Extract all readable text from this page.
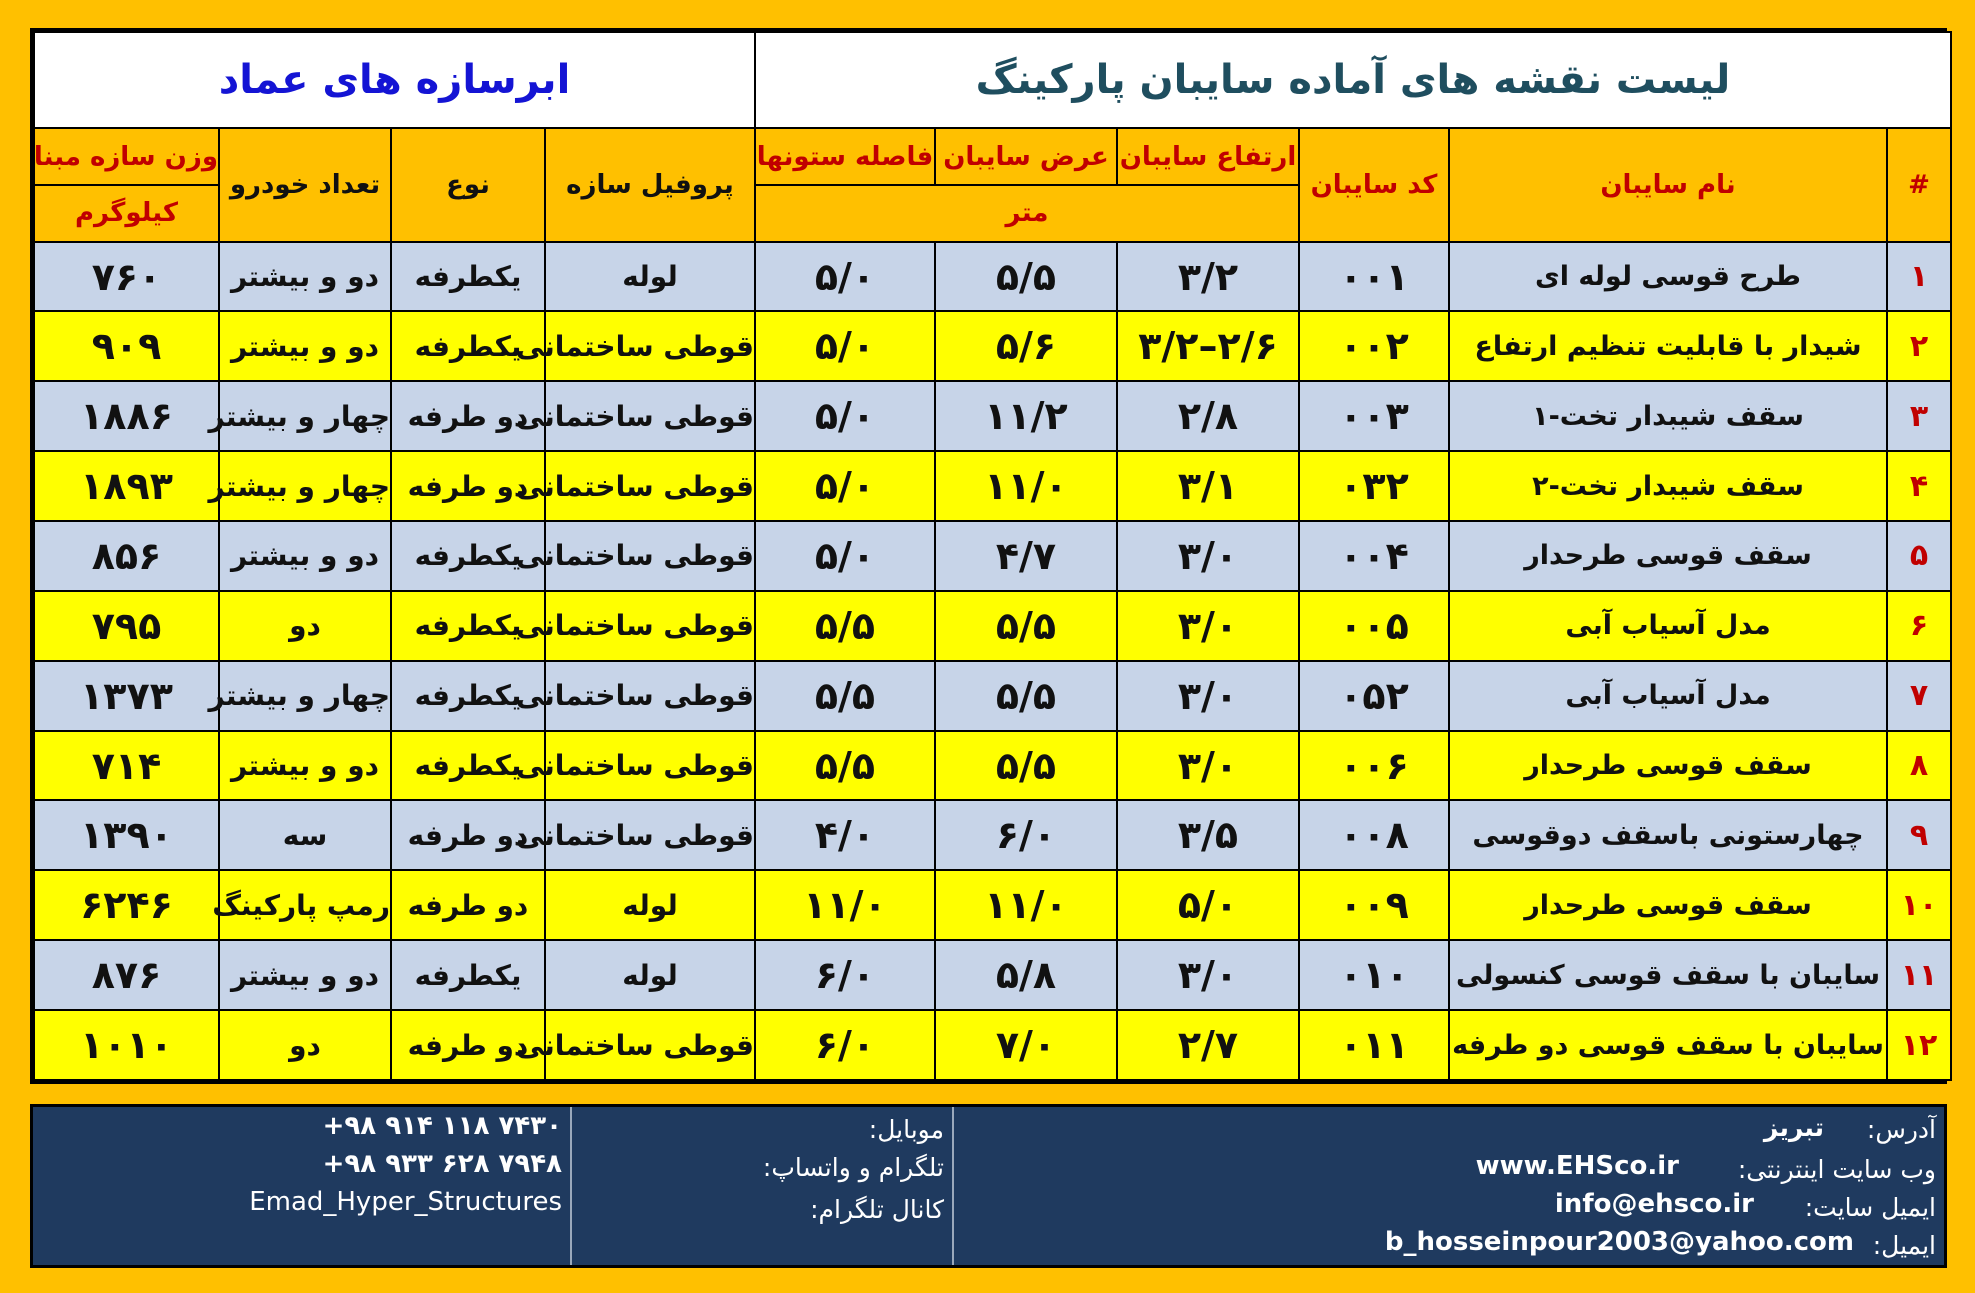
لیست نقشه های آماده سایبان پارکینگ						ابرسازه های عماد			
#	نام سایبان	کد سایبان	ارتفاع سایبان	عرض سایبان	فاصله ستونها	پروفیل سازه	نوع	تعداد خودرو	وزن سازه مبنا
			متر						کیلوگرم
۱	طرح قوسی لوله ای	۰۰۱	۳/۲	۵/۵	۵/۰	لوله	یکطرفه	دو و بیشتر	۷۶۰
۲	شیدار با قابلیت تنظیم ارتفاع	۰۰۲	۲/۶–۳/۲	۵/۶	۵/۰	قوطی ساختمانی	یکطرفه	دو و بیشتر	۹۰۹
۳	سقف شیبدار تخت-۱	۰۰۳	۲/۸	۱۱/۲	۵/۰	قوطی ساختمانی	دو طرفه	چهار و بیشتر	۱۸۸۶
۴	سقف شیبدار تخت-۲	۰۳۲	۳/۱	۱۱/۰	۵/۰	قوطی ساختمانی	دو طرفه	چهار و بیشتر	۱۸۹۳
۵	سقف قوسی طرحدار	۰۰۴	۳/۰	۴/۷	۵/۰	قوطی ساختمانی	یکطرفه	دو و بیشتر	۸۵۶
۶	مدل آسیاب آبی	۰۰۵	۳/۰	۵/۵	۵/۵	قوطی ساختمانی	یکطرفه	دو	۷۹۵
۷	مدل آسیاب آبی	۰۵۲	۳/۰	۵/۵	۵/۵	قوطی ساختمانی	یکطرفه	چهار و بیشتر	۱۳۷۳
۸	سقف قوسی طرحدار	۰۰۶	۳/۰	۵/۵	۵/۵	قوطی ساختمانی	یکطرفه	دو و بیشتر	۷۱۴
۹	چهارستونی باسقف دوقوسی	۰۰۸	۳/۵	۶/۰	۴/۰	قوطی ساختمانی	دو طرفه	سه	۱۳۹۰
۱۰	سقف قوسی طرحدار	۰۰۹	۵/۰	۱۱/۰	۱۱/۰	لوله	دو طرفه	رمپ پارکینگ	۶۲۴۶
۱۱	سایبان با سقف قوسی کنسولی	۰۱۰	۳/۰	۵/۸	۶/۰	لوله	یکطرفه	دو و بیشتر	۸۷۶
۱۲	سایبان با سقف قوسی دو طرفه	۰۱۱	۲/۷	۷/۰	۶/۰	قوطی ساختمانی	دو طرفه	دو	۱۰۱۰
آدرس:
تبریز
وب سایت اینترنتی:
www.EHSco.ir
ایمیل سایت:
info@ehsco.ir
ایمیل:
b_hosseinpour2003@yahoo.com
موبایل:
تلگرام و واتساپ:
کانال تلگرام:
+۹۸ ۹۱۴ ۱۱۸ ۷۴۳۰
+۹۸ ۹۳۳ ۶۲۸ ۷۹۴۸
Emad_Hyper_Structures
